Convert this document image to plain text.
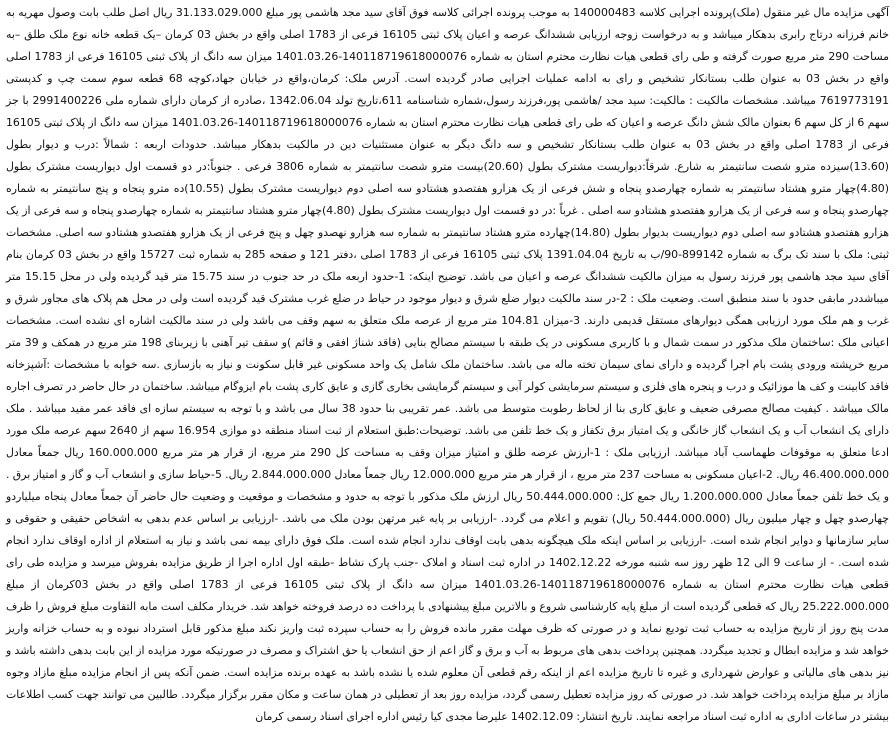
آگهی مزایده مال غیر منقول (ملک)پرونده اجرایی کلاسه 140000483 به موجب پرونده اجرائی کلاسه فوق آقای سید مجد هاشمی پور مبلغ 31.133.029.000 ریال اصل طلب بابت وصول مهریه به خانم فرزانه درتاج رابری بدهکار میباشد و به درخواست زوجه ارزیابی ششدانگ عرصه و اعیان پلاک ثبتی 16105 فرعی از 1783 اصلی واقع در بخش 03 کرمان –یک قطعه خانه نوع ملک طلق –به مساحت 290 متر مربع صورت گرفته و طی رای قطعی هیات نظارت محترم استان به شماره 140118719618000076-1401.03.26 میزان سه دانگ از پلاک ثبتی 16105 فرعی از 1783 اصلی واقع در بخش 03 به عنوان طلب بستانکار تشخیص و رای به ادامه عملیات اجرایی صادر گردیده است. آدرس ملک: کرمان،واقع در خیابان جهاد،کوچه 68 قطعه سوم سمت چپ و کدپستی 7619773191 میباشد. مشخصات مالکیت : مالکیت: سید مجد /هاشمی پور،فرزند رسول،شماره شناسنامه 611،تاریخ تولد 1342.06.04 ،صادره از کرمان دارای شماره ملی 2991400226 با جز سهم 6 از کل سهم 6 بعنوان مالک شش دانگ عرصه و اعیان که طی رای قطعی هیات نظارت محترم استان به شماره 140118719618000076-1401.03.26 میزان سه دانگ از پلاک ثبتی 16105 فرعی از 1783 اصلی واقع در بخش 03 به عنوان طلب بستانکار تشخیص و سه دانگ دیگر به عنوان مستثنیات دین در مالکیت بدهکار میباشد. حدودات اربعه : شمالاً :درب و دیوار بطول (13.60)سیزده مترو شصت سانتیمتر به شارع. شرقاً:دیواریست مشترک بطول (20.60)بیست مترو شصت سانتیمتر به شماره 3806 فرعی . جنوباً:در دو قسمت اول دیواریست مشترک بطول (4.80)چهار مترو هشتاد سانتیمتر به شماره چهارصدو پنجاه و شش فرعی از یک هزارو هفتصدو هشتادو سه اصلی دوم دیواریست مشترک بطول (10.55)ده مترو پنجاه و پنج سانتیمتر به شماره چهارصدو پنجاه و سه فرعی از یک هزارو هفتصدو هشتادو سه اصلی . غرباً :در دو قسمت اول دیواریست مشترک بطول (4.80)چهار مترو هشتاد سانتیمتر به شماره چهارصدو پنجاه و سه فرعی از یک هزارو هفتصدو هشتادو سه اصلی دوم دیواریست بدیوار بطول (14.80)چهارده مترو هشتاد سانتیمتر به شماره سه هزارو نهصدو چهل و پنج فرعی از یک هزارو هفتصدو هشتادو سه اصلی. مشخصات ثبتی: ملک با سند تک برگ به شماره 899142-90/ب به تاریخ 1391.04.04 پلاک ثبتی 16105 فرعی از 1783 اصلی ،دفتر 121 و صفحه 285 به شماره ثبت 15727 واقع در بخش 03 کرمان بنام آقای سید مجد هاشمی پور فرزند رسول به میزان مالکیت ششدانگ عرصه و اعیان می باشد. توضیح اینکه: 1-حدود اربعه ملک در حد جنوب در سند 15.75 متر قید گردیده ولی در محل 15.15 متر میباشددر مابقی حدود با سند منطبق است. وضعیت ملک : 2-در سند مالکیت دیوار ضلع شرق و دیوار موجود در حیاط در ضلع غرب مشترک قید گردیده است ولی در محل هم پلاک های مجاور شرق و غرب و هم ملک مورد ارزیابی همگی دیوارهای مستقل قدیمی دارند. 3-میزان 104.81 متر مربع از عرصه ملک متعلق به سهم وقف می باشد ولی در سند مالکیت اشاره ای نشده است. مشخصات اعیانی ملک :ساختمان ملک مذکور در سمت شمال و با کاربری مسکونی در یک طبقه با سیستم مصالح بنایی (فاقد شناژ افقی و قائم )و سقف تیر آهنی با زیربنای 198 متر مربع در همکف و 39 متر مربع خرپشته ورودی پشت بام اجرا گردیده و دارای نمای سیمان تخته ماله می باشد. ساختمان ملک شامل یک واحد مسکونی غیر قابل سکونت و نیاز به بازسازی .سه خوابه با مشخصات :آشپزخانه فاقد کابینت و کف ها موزائیک و درب و پنجره های فلزی و سیستم سرمایشی کولر آبی و سیستم گرمایشی بخاری گازی و عایق کاری پشت بام ایزوگام میباشد. ساختمان در حال حاضر در تصرف اجاره مالک میباشد . کیفیت مصالح مصرفی ضعیف و عایق کاری بنا از لحاظ رطوبت متوسط می باشد. عمر تقریبی بنا حدود 38 سال می باشد و با توجه به سیستم سازه ای فاقد عمر مفید میباشد . ملک دارای یک انشعاب آب و یک انشعاب گاز خانگی و یک امتیاز برق تکفاز و یک خط تلفن می باشد. توضیحات:طبق استعلام از ثبت اسناد منطقه دو موازی 16.954 سهم از 2640 سهم عرصه ملک مورد ادعا متعلق به موقوفات طهماسب آباد میباشد. ارزیابی ملک : 1-ارزش عرصه طلق و امتیاز میزان وقف به مساحت کل 290 متر مربع، از قرار هر متر مربع 160.000.000 ریال جمعاً معادل 46.400.000.000 ریال. 2-اعیان مسکونی به مساحت 237 متر مربع ، از قرار هر متر مربع 12.000.000 ریال جمعاً معادل 2.844.000.000 ریال. 5-حیاط سازی و انشعاب آب و گاز و امتیاز برق . و یک خط تلفن جمعاً معادل 1.200.000.000 ریال جمع کل: 50.444.000.000 ریال ارزش ملک مذکور با توجه به حدود و مشخصات و موقعیت و وضعیت حال حاضر آن جمعاً معادل پنجاه میلیاردو چهارصدو چهل و چهار میلیون ریال (50.444.000.000 ریال) تقویم و اعلام می گردد. -ارزیابی بر پایه غیر مرتهن بودن ملک می باشد. -ارزیابی بر اساس عدم بدهی به اشخاص حقیقی و حقوقی و سایر سازمانها و دوایر انجام شده است. -ارزیابی بر اساس اینکه ملک هیچگونه بدهی بابت اوقاف ندارد انجام شده است. ملک فوق دارای بیمه نمی باشد و نیاز به استعلام از اداره اوقاف ندارد انجام شده است. - از ساعت 9 الی 12 ظهر روز سه شنبه مورخه 1402.12.22 در اداره ثبت اسناد و املاک -جنب پارک نشاط -طبقه اول اداره اجرا از طریق مزایده بفروش میرسد و مزایده طی رای قطعی هیات نظارت محترم استان به شماره 140118719618000076-1401.03.26 میزان سه دانگ از پلاک ثبتی 16105 فرعی از 1783 اصلی واقع در بخش 03کرمان از مبلغ 25.222.000.000 ریال که قطعی گردیده است از مبلغ پایه کارشناسی شروع و بالاترین مبلغ پیشنهادی با پرداخت ده درصد فروخته خواهد شد. خریدار مکلف است مابه التفاوت مبلغ فروش را ظرف مدت پنج روز از تاریخ مزایده به حساب ثبت تودیع نماید و در صورتی که ظرف مهلت مقرر مانده فروش را به حساب سپرده ثبت واریز نکند مبلغ مذکور قابل استرداد نبوده و به حساب خزانه واریز خواهد شد و مزایده ابطال و تجدید میگردد. همچنین پرداخت بدهی های مربوط به آب و برق و گاز اعم از حق انشعاب یا حق اشتراک و مصرف در صورتیکه مورد مزایده از این بابت بدهی داشته باشد و نیز بدهی های مالیاتی و عوارض شهرداری و غیره تا تاریخ مزایده اعم از اینکه رقم قطعی آن معلوم شده یا نشده باشد به عهده برنده مزایده است. ضمن آنکه پس از انجام مزایده مبلغ مازاد وجوه مازاد بر مبلغ مزایده پرداخت خواهد شد. در صورتی که روز مزایده تعطیل رسمی گردد، مزایده روز بعد از تعطیلی در همان ساعت و مکان مقرر برگزار میگردد. طالبین می توانند جهت کسب اطلاعات بیشتر در ساعات اداری به اداره ثبت اسناد مراجعه نمایند. تاریخ انتشار: 1402.12.09 علیرضا مجدی کیا رئیس اداره اجرای اسناد رسمی کرمان
